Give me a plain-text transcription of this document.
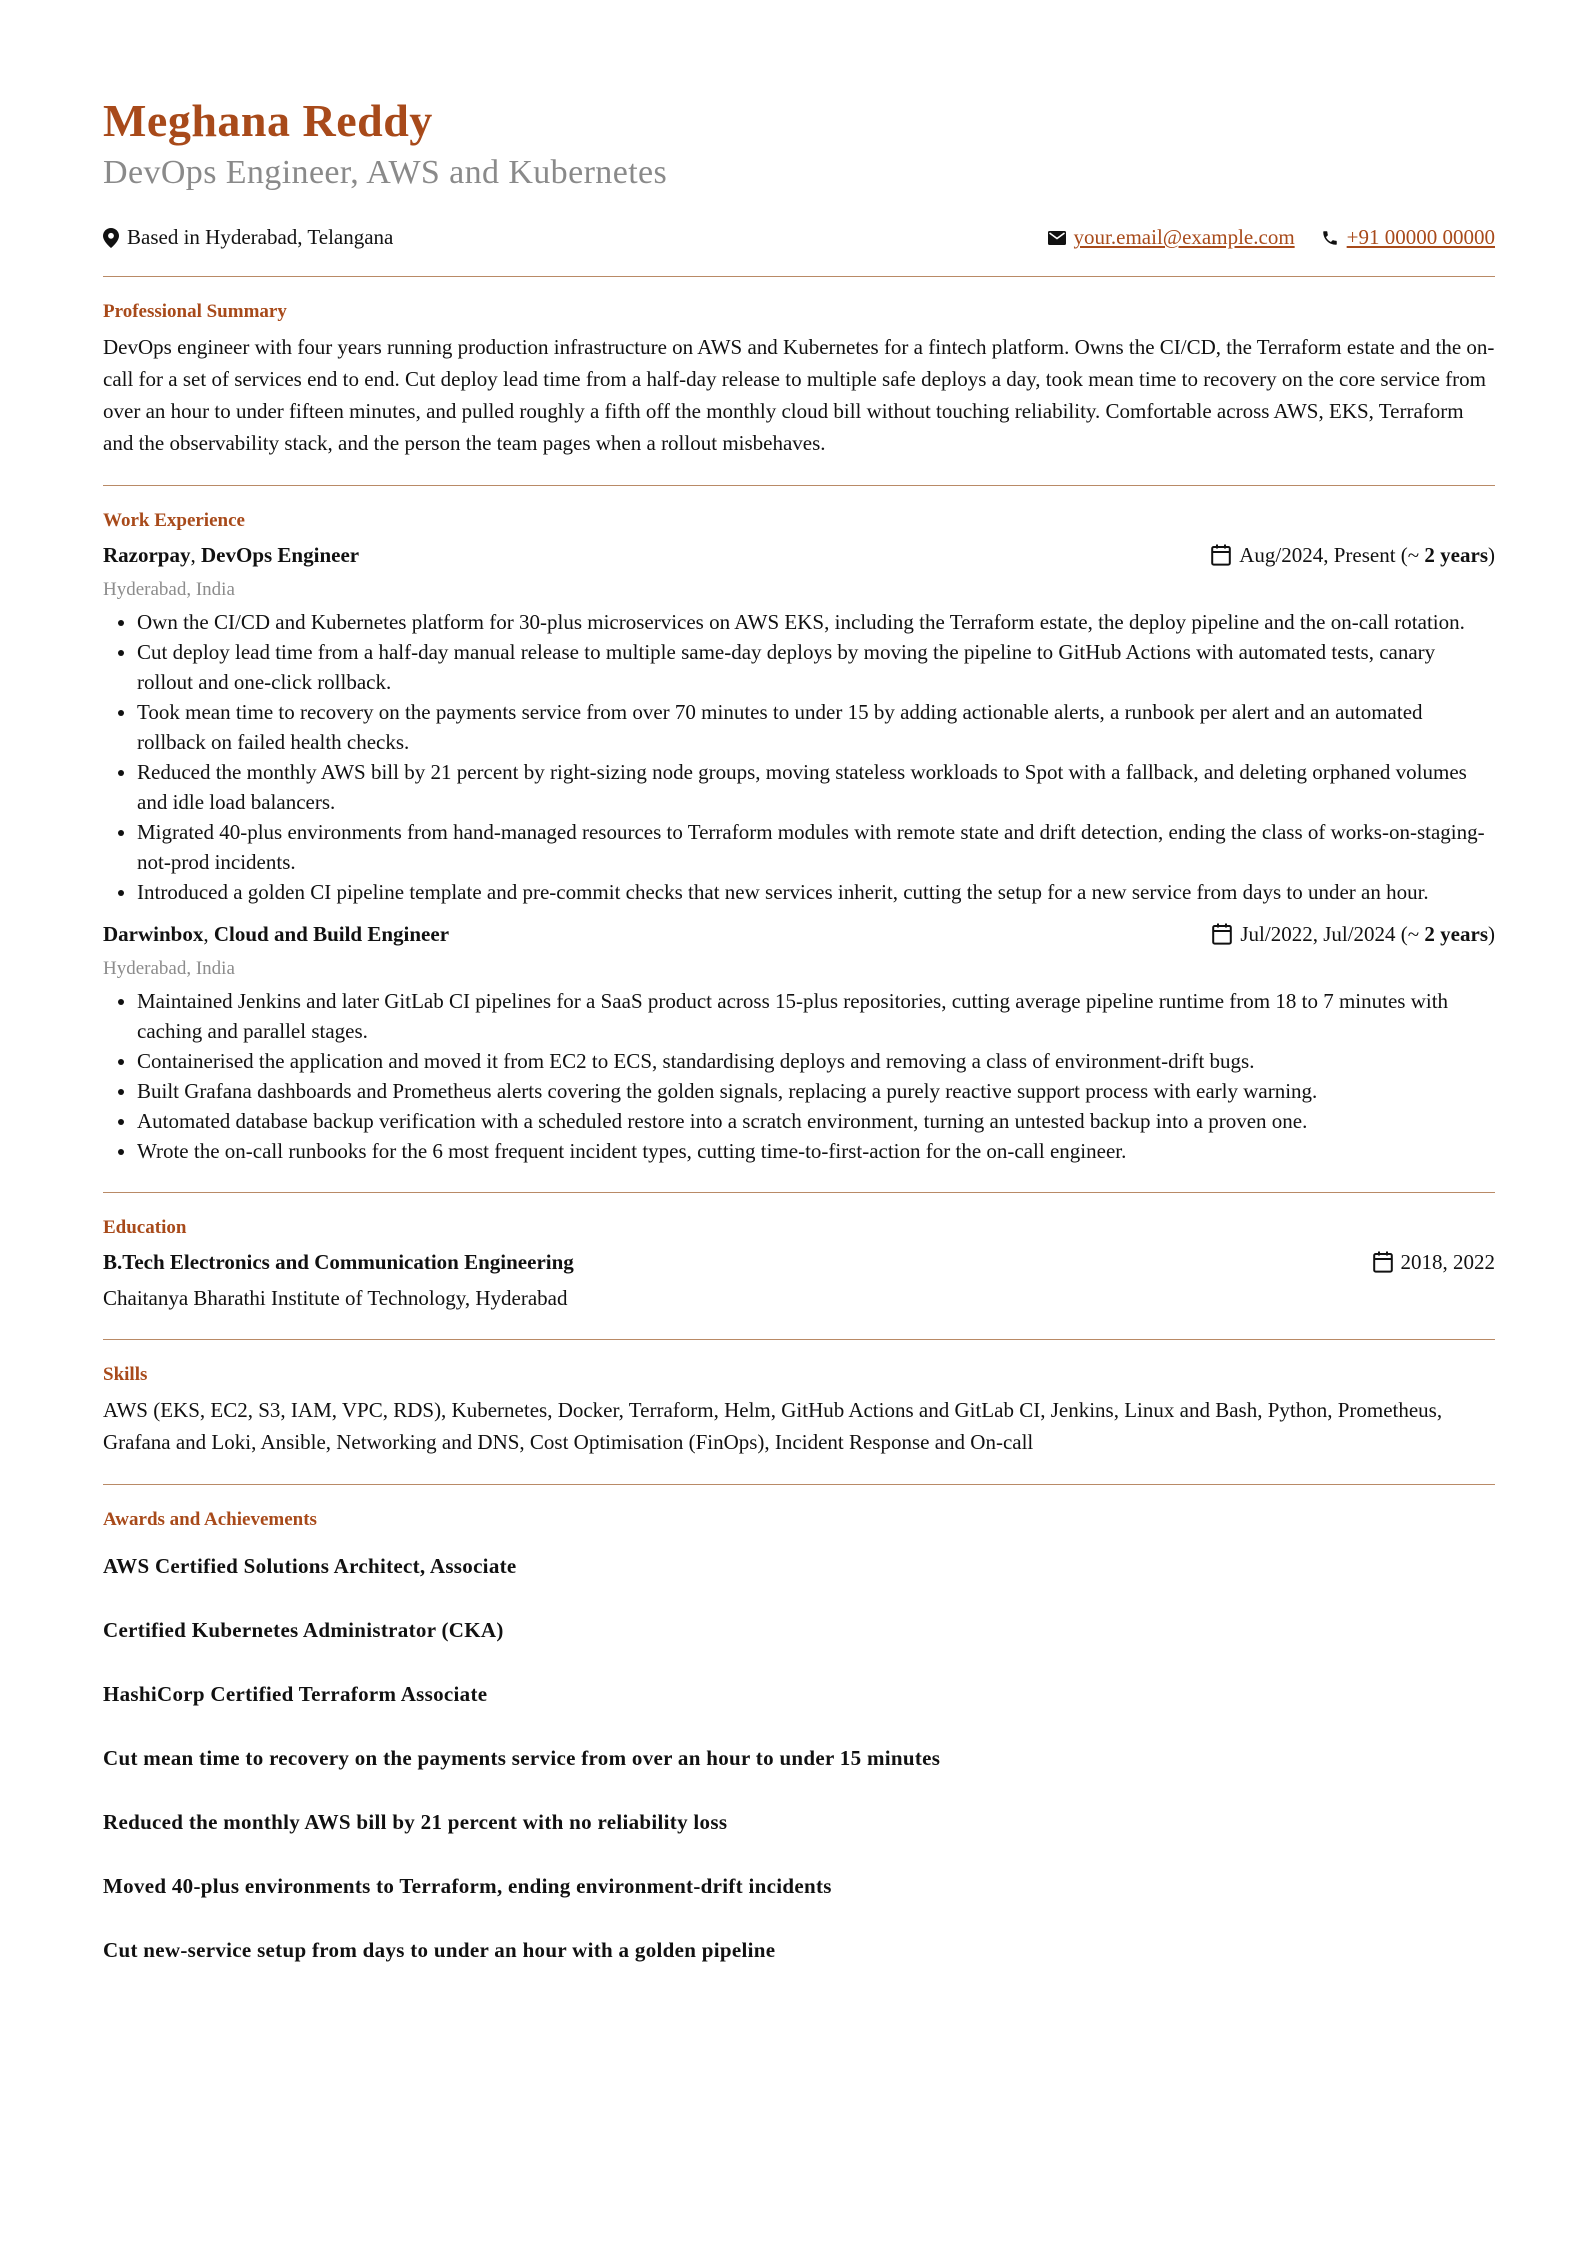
Meghana Reddy
DevOps Engineer, AWS and Kubernetes
Based in Hyderabad, Telangana	your.email@example.com +91 00000 00000
Professional Summary

DevOps engineer with four years running production infrastructure on AWS and Kubernetes for a fintech platform. Owns the CI/CD, the Terraform estate and the on-call for a set of services end to end. Cut deploy lead time from a half-day release to multiple safe deploys a day, took mean time to recovery on the core service from over an hour to under fifteen minutes, and pulled roughly a fifth off the monthly cloud bill without touching reliability. Comfortable across AWS, EKS, Terraform and the observability stack, and the person the team pages when a rollout misbehaves.

Work Experience
Razorpay, DevOps Engineer	Aug/2024, Present (~
2 years )
Hyderabad, India
• Own the CI/CD and Kubernetes platform for 30-plus microservices on AWS EKS, including the Terraform estate, the deploy pipeline and the on-call rotation.
• Cut deploy lead time from a half-day manual release to multiple same-day deploys by moving the pipeline to GitHub Actions with automated tests, canary rollout and one-click rollback.
• Took mean time to recovery on the payments service from over 70 minutes to under 15 by adding actionable alerts, a runbook per alert and an automated rollback on failed health checks.
• Reduced the monthly AWS bill by 21 percent by right-sizing node groups, moving stateless workloads to Spot with a fallback, and deleting orphaned volumes and idle load balancers.
• Migrated 40-plus environments from hand-managed resources to Terraform modules with remote state and drift detection, ending the class of works-on-staging-not-prod incidents.
• Introduced a golden CI pipeline template and pre-commit checks that new services inherit, cutting the setup for a new service from days to under an hour.
Darwinbox, Cloud and Build Engineer	Jul/2022, Jul/2024 (~
2 years )
Hyderabad, India
• Maintained Jenkins and later GitLab CI pipelines for a SaaS product across 15-plus repositories, cutting average pipeline runtime from 18 to 7 minutes with caching and parallel stages.
• Containerised the application and moved it from EC2 to ECS, standardising deploys and removing a class of environment-drift bugs.
• Built Grafana dashboards and Prometheus alerts covering the golden signals, replacing a purely reactive support process with early warning.
• Automated database backup verification with a scheduled restore into a scratch environment, turning an untested backup into a proven one.
• Wrote the on-call runbooks for the 6 most frequent incident types, cutting time-to-first-action for the on-call engineer.
Education
B.Tech Electronics and Communication Engineering	2018, 2022
Chaitanya Bharathi Institute of Technology, Hyderabad
Skills

AWS (EKS, EC2, S3, IAM, VPC, RDS), Kubernetes, Docker, Terraform, Helm, GitHub Actions and GitLab CI, Jenkins, Linux and Bash, Python, Prometheus, Grafana and Loki, Ansible, Networking and DNS, Cost Optimisation (FinOps), Incident Response and On-call

Awards and Achievements

AWS Certified Solutions Architect, Associate

Certified Kubernetes Administrator (CKA)

HashiCorp Certified Terraform Associate

Cut mean time to recovery on the payments service from over an hour to under 15 minutes

Reduced the monthly AWS bill by 21 percent with no reliability loss

Moved 40-plus environments to Terraform, ending environment-drift incidents

Cut new-service setup from days to under an hour with a golden pipeline
